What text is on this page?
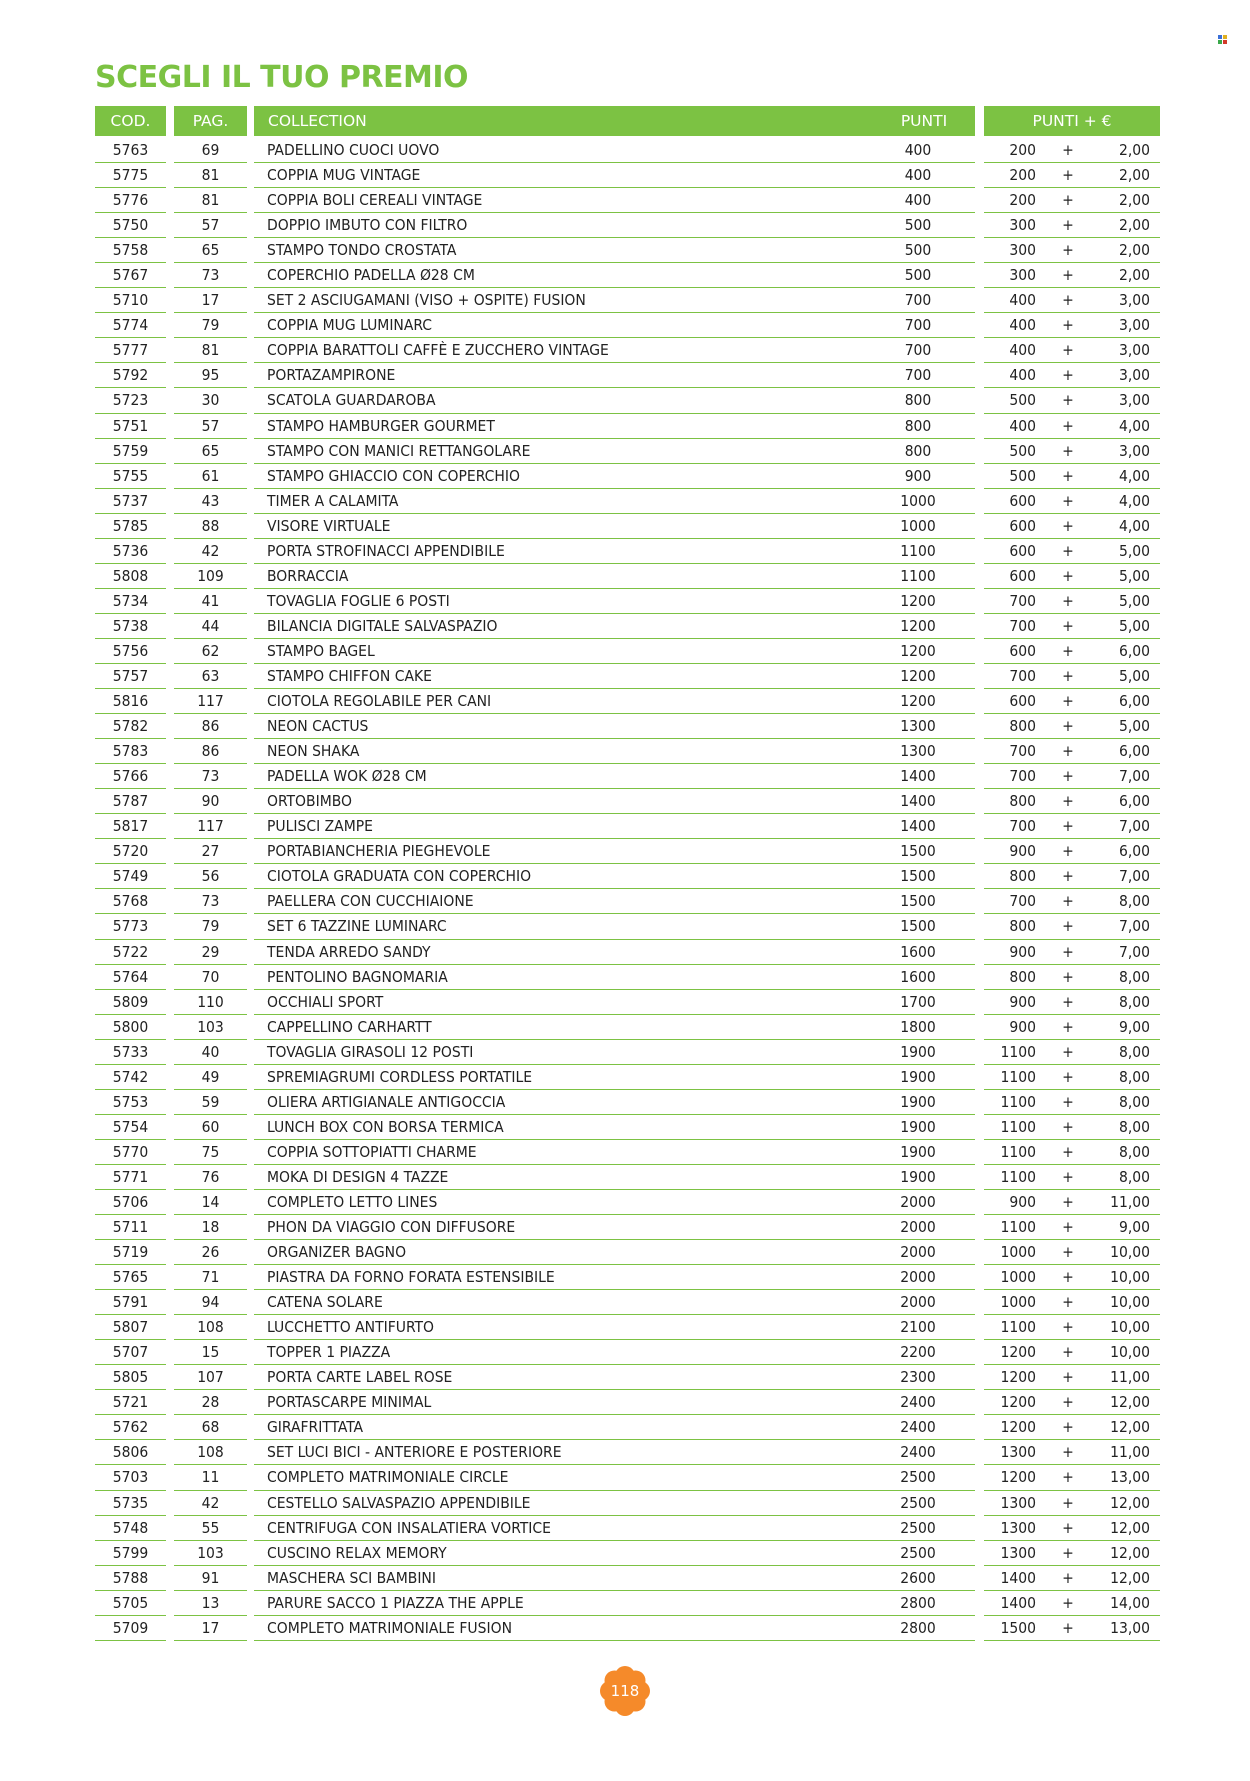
SCEGLI IL TUO PREMIO
COD.	PAG.	COLLECTION	PUNTI	PUNTI + €
5763	69	PADELLINO CUOCI UOVO	400	200 +	2,00
5775	81	COPPIA MUG VINTAGE	400	200 +	2,00
5776	81	COPPIA BOLI CEREALI VINTAGE	400	200 +	2,00
5750	57	DOPPIO IMBUTO CON FILTRO	500	300 +	2,00
5758	65	STAMPO TONDO CROSTATA	500	300 +	2,00
5767	73	COPERCHIO PADELLA Ø28 CM	500	300 +	2,00
5710	17	SET 2 ASCIUGAMANI (VISO + OSPITE) FUSION	700	400 +	3,00
5774	79	COPPIA MUG LUMINARC	700	400 +	3,00
5777	81	COPPIA BARATTOLI CAFFÈ E ZUCCHERO VINTAGE	700	400 +	3,00
5792	95	PORTAZAMPIRONE	700	400 +	3,00
5723	30	SCATOLA GUARDAROBA	800	500 +	3,00
5751	57	STAMPO HAMBURGER GOURMET	800	400 +	4,00
5759	65	STAMPO CON MANICI RETTANGOLARE	800	500 +	3,00
5755	61	STAMPO GHIACCIO CON COPERCHIO	900	500 +	4,00
5737	43	TIMER A CALAMITA	1000	600 +	4,00
5785	88	VISORE VIRTUALE	1000	600 +	4,00
5736	42	PORTA STROFINACCI APPENDIBILE	1100	600 +	5,00
5808	109	BORRACCIA	1100	600 +	5,00
5734	41	TOVAGLIA FOGLIE 6 POSTI	1200	700 +	5,00
5738	44	BILANCIA DIGITALE SALVASPAZIO	1200	700 +	5,00
5756	62	STAMPO BAGEL	1200	600 +	6,00
5757	63	STAMPO CHIFFON CAKE	1200	700 +	5,00
5816	117	CIOTOLA REGOLABILE PER CANI	1200	600 +	6,00
5782	86	NEON CACTUS	1300	800 +	5,00
5783	86	NEON SHAKA	1300	700 +	6,00
5766	73	PADELLA WOK Ø28 CM	1400	700 +	7,00
5787	90	ORTOBIMBO	1400	800 +	6,00
5817	117	PULISCI ZAMPE	1400	700 +	7,00
5720	27	PORTABIANCHERIA PIEGHEVOLE	1500	900 +	6,00
5749	56	CIOTOLA GRADUATA CON COPERCHIO	1500	800 +	7,00
5768	73	PAELLERA CON CUCCHIAIONE	1500	700 +	8,00
5773	79	SET 6 TAZZINE LUMINARC	1500	800 +	7,00
5722	29	TENDA ARREDO SANDY	1600	900 +	7,00
5764	70	PENTOLINO BAGNOMARIA	1600	800 +	8,00
5809	110	OCCHIALI SPORT	1700	900 +	8,00
5800	103	CAPPELLINO CARHARTT	1800	900 +	9,00
5733	40	TOVAGLIA GIRASOLI 12 POSTI	1900	1100 +	8,00
5742	49	SPREMIAGRUMI CORDLESS PORTATILE	1900	1100 +	8,00
5753	59	OLIERA ARTIGIANALE ANTIGOCCIA	1900	1100 +	8,00
5754	60	LUNCH BOX CON BORSA TERMICA	1900	1100 +	8,00
5770	75	COPPIA SOTTOPIATTI CHARME	1900	1100 +	8,00
5771	76	MOKA DI DESIGN 4 TAZZE	1900	1100 +	8,00
5706	14	COMPLETO LETTO LINES	2000	900 +	11,00
5711	18	PHON DA VIAGGIO CON DIFFUSORE	2000	1100 +	9,00
5719	26	ORGANIZER BAGNO	2000	1000 +	10,00
5765	71	PIASTRA DA FORNO FORATA ESTENSIBILE	2000	1000 +	10,00
5791	94	CATENA SOLARE	2000	1000 +	10,00
5807	108	LUCCHETTO ANTIFURTO	2100	1100 +	10,00
5707	15	TOPPER 1 PIAZZA	2200	1200 +	10,00
5805	107	PORTA CARTE LABEL ROSE	2300	1200 +	11,00
5721	28	PORTASCARPE MINIMAL	2400	1200 +	12,00
5762	68	GIRAFRITTATA	2400	1200 +	12,00
5806	108	SET LUCI BICI - ANTERIORE E POSTERIORE	2400	1300 +	11,00
5703	11	COMPLETO MATRIMONIALE CIRCLE	2500	1200 +	13,00
5735	42	CESTELLO SALVASPAZIO APPENDIBILE	2500	1300 +	12,00
5748	55	CENTRIFUGA CON INSALATIERA VORTICE	2500	1300 +	12,00
5799	103	CUSCINO RELAX MEMORY	2500	1300 +	12,00
5788	91	MASCHERA SCI BAMBINI	2600	1400 +	12,00
5705	13	PARURE SACCO 1 PIAZZA THE APPLE	2800	1400 +	14,00
5709	17	COMPLETO MATRIMONIALE FUSION	2800	1500 +	13,00
118
